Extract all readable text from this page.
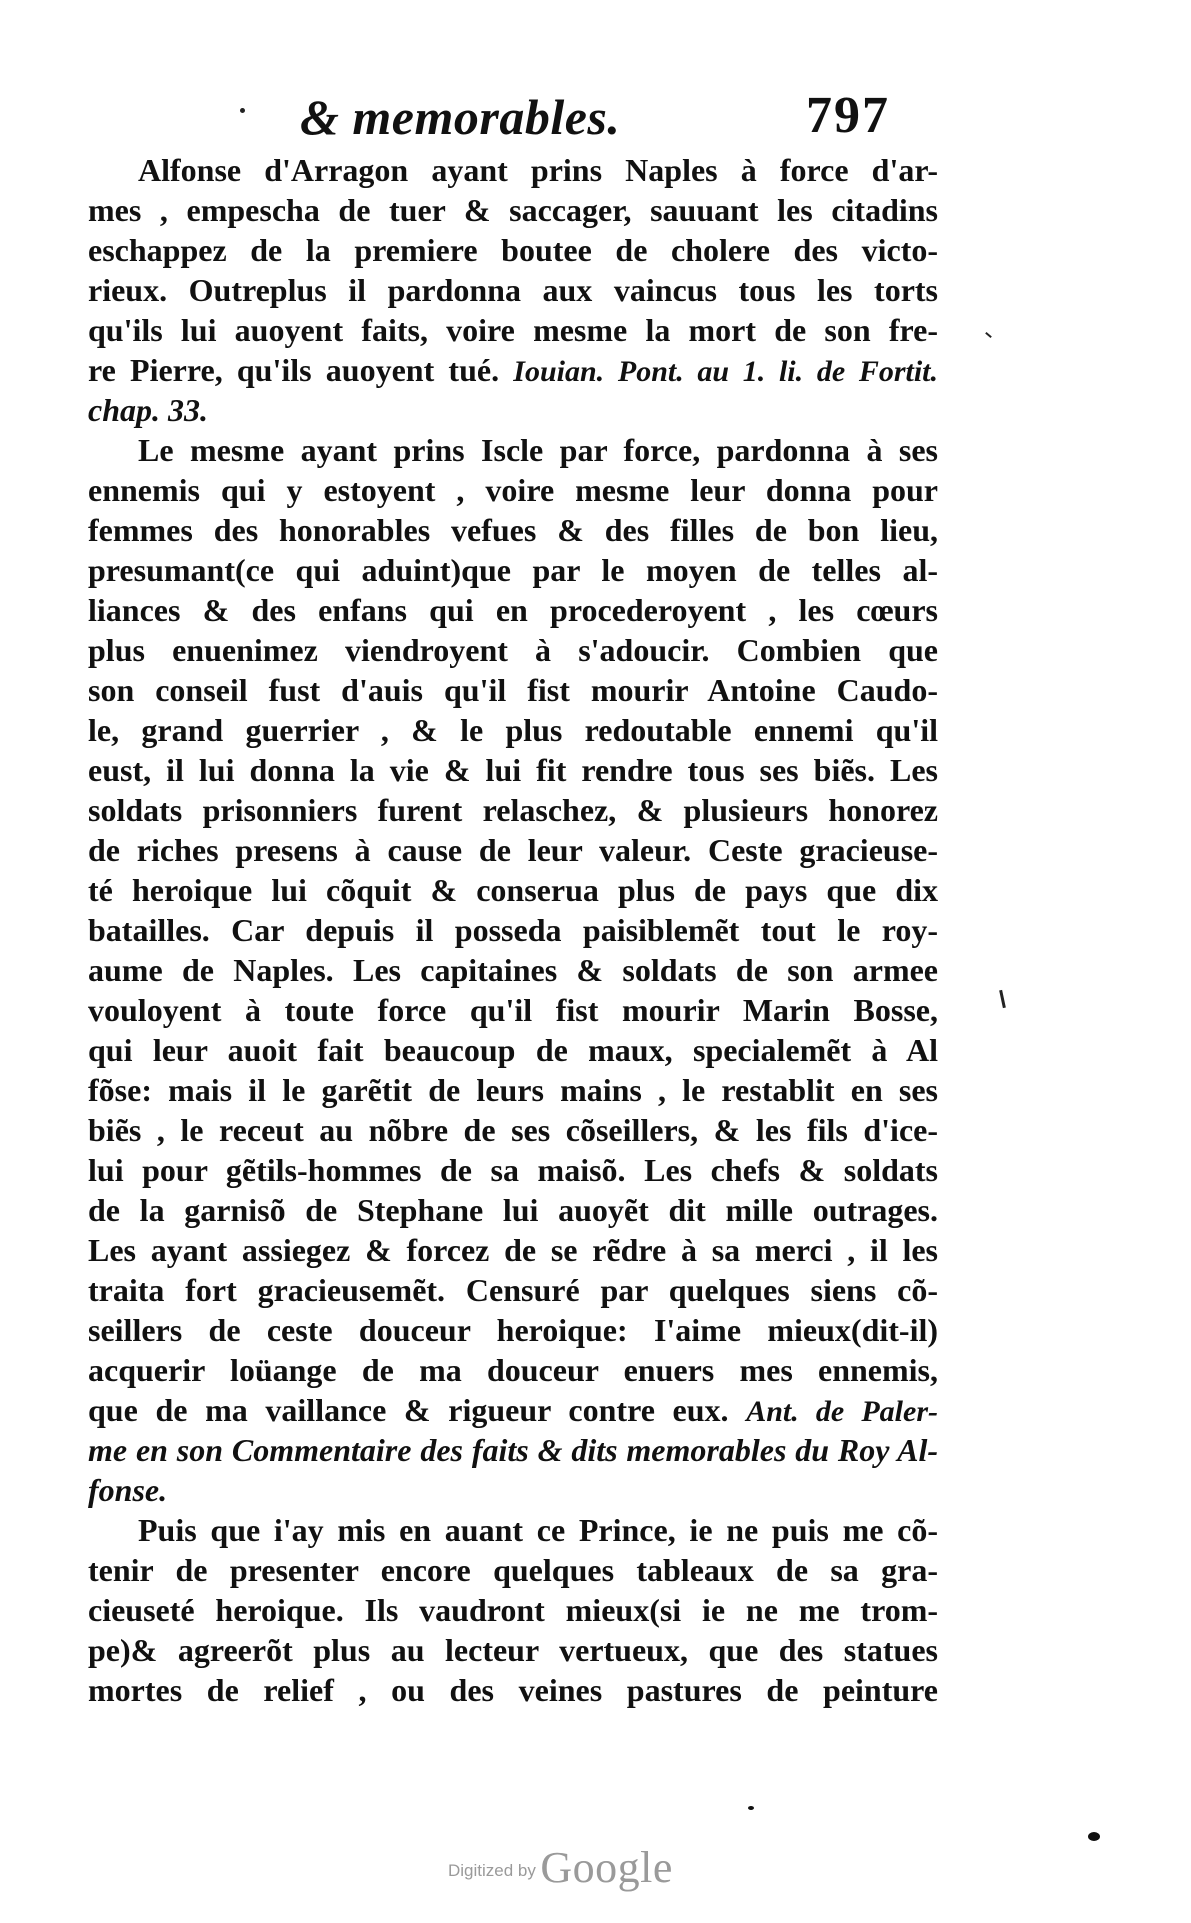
& memorables.	797
Alfonse d'Arragon ayant prins Naples à force d'ar-
mes , empescha de tuer & saccager, sauuant les citadins
eschappez de la premiere boutee de cholere des victo-
rieux. Outreplus il pardonna aux vaincus tous les torts
qu'ils lui auoyent faits, voire mesme la mort de son fre-
re Pierre, qu'ils auoyent tué. Iouian. Pont. au 1. li. de Fortit.
chap. 33.
Le mesme ayant prins Iscle par force, pardonna à ses
ennemis qui y estoyent , voire mesme leur donna pour
femmes des honorables vefues & des filles de bon lieu,
presumant(ce qui aduint)que par le moyen de telles al-
liances & des enfans qui en procederoyent , les cœurs
plus enuenimez viendroyent à s'adoucir. Combien que
son conseil fust d'auis qu'il fist mourir Antoine Caudo-
le, grand guerrier , & le plus redoutable ennemi qu'il
eust, il lui donna la vie & lui fit rendre tous ses biẽs. Les
soldats prisonniers furent relaschez, & plusieurs honorez
de riches presens à cause de leur valeur. Ceste gracieuse-
té heroique lui cõquit & conserua plus de pays que dix
batailles. Car depuis il posseda paisiblemẽt tout le roy-
aume de Naples. Les capitaines & soldats de son armee
vouloyent à toute force qu'il fist mourir Marin Bosse,
qui leur auoit fait beaucoup de maux, specialemẽt à Al
fõse: mais il le garẽtit de leurs mains , le restablit en ses
biẽs , le receut au nõbre de ses cõseillers, & les fils d'ice-
lui pour gẽtils-hommes de sa maisõ. Les chefs & soldats
de la garnisõ de Stephane lui auoyẽt dit mille outrages.
Les ayant assiegez & forcez de se rẽdre à sa merci , il les
traita fort gracieusemẽt. Censuré par quelques siens cõ-
seillers de ceste douceur heroique: I'aime mieux(dit-il)
acquerir loüange de ma douceur enuers mes ennemis,
que de ma vaillance & rigueur contre eux. Ant. de Paler-
me en son Commentaire des faits & dits memorables du Roy Al-
fonse.
Puis que i'ay mis en auant ce Prince, ie ne puis me cõ-
tenir de presenter encore quelques tableaux de sa gra-
cieuseté heroique. Ils vaudront mieux(si ie ne me trom-
pe)& agreerõt plus au lecteur vertueux, que des statues
mortes de relief , ou des veines pastures de peinture
Digitized by Google
